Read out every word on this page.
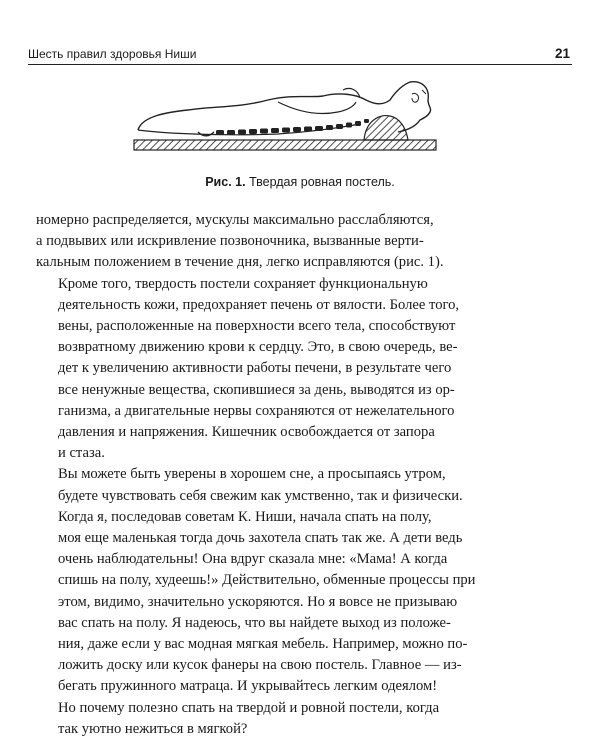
Шесть правил здоровья Ниши	21
Рис. 1. Твердая ровная постель.
номерно распределяется, мускулы максимально расслабляются,
а подвывих или искривление позвоночника, вызванные верти-
кальным положением в течение дня, легко исправляются (рис. 1).
Кроме того, твердость постели сохраняет функциональную
деятельность кожи, предохраняет печень от вялости. Более того,
вены, расположенные на поверхности всего тела, способствуют
возвратному движению крови к сердцу. Это, в свою очередь, ве-
дет к увеличению активности работы печени, в результате чего
все ненужные вещества, скопившиеся за день, выводятся из ор-
ганизма, а двигательные нервы сохраняются от нежелательного
давления и напряжения. Кишечник освобождается от запора
и стаза.
Вы можете быть уверены в хорошем сне, а просыпаясь утром,
будете чувствовать себя свежим как умственно, так и физически.
Когда я, последовав советам К. Ниши, начала спать на полу,
моя еще маленькая тогда дочь захотела спать так же. А дети ведь
очень наблюдательны! Она вдруг сказала мне: «Мама! А когда
спишь на полу, худеешь!» Действительно, обменные процессы при
этом, видимо, значительно ускоряются. Но я вовсе не призываю
вас спать на полу. Я надеюсь, что вы найдете выход из положе-
ния, даже если у вас модная мягкая мебель. Например, можно по-
ложить доску или кусок фанеры на свою постель. Главное — из-
бегать пружинного матраца. И укрывайтесь легким одеялом!
Но почему полезно спать на твердой и ровной постели, когда
так уютно нежиться в мягкой?
